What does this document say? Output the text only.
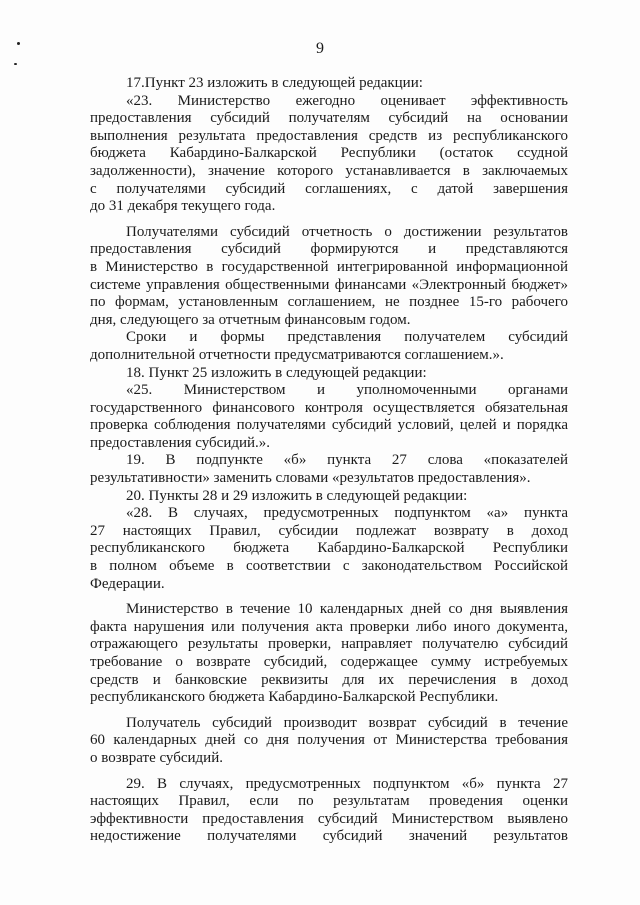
9
17.Пункт 23 изложить в следующей редакции:
«23. Министерство ежегодно оценивает эффективность
предоставления субсидий получателям субсидий на основании
выполнения результата предоставления средств из республиканского
бюджета Кабардино-Балкарской Республики (остаток ссудной
задолженности), значение которого устанавливается в заключаемых
с получателями субсидий соглашениях, с датой завершения
до 31 декабря текущего года.
Получателями субсидий отчетность о достижении результатов
предоставления субсидий формируются и представляются
в Министерство в государственной интегрированной информационной
системе управления общественными финансами «Электронный бюджет»
по формам, установленным соглашением, не позднее 15-го рабочего
дня, следующего за отчетным финансовым годом.
Сроки и формы представления получателем субсидий
дополнительной отчетности предусматриваются соглашением.».
18. Пункт 25 изложить в следующей редакции:
«25. Министерством и уполномоченными органами
государственного финансового контроля осуществляется обязательная
проверка соблюдения получателями субсидий условий, целей и порядка
предоставления субсидий.».
19. В подпункте «б» пункта 27 слова «показателей
результативности» заменить словами «результатов предоставления».
20. Пункты 28 и 29 изложить в следующей редакции:
«28. В случаях, предусмотренных подпунктом «а» пункта
27 настоящих Правил, субсидии подлежат возврату в доход
республиканского бюджета Кабардино-Балкарской Республики
в полном объеме в соответствии с законодательством Российской
Федерации.
Министерство в течение 10 календарных дней со дня выявления
факта нарушения или получения акта проверки либо иного документа,
отражающего результаты проверки, направляет получателю субсидий
требование о возврате субсидий, содержащее сумму истребуемых
средств и банковские реквизиты для их перечисления в доход
республиканского бюджета Кабардино-Балкарской Республики.
Получатель субсидий производит возврат субсидий в течение
60 календарных дней со дня получения от Министерства требования
о возврате субсидий.
29. В случаях, предусмотренных подпунктом «б» пункта 27
настоящих Правил, если по результатам проведения оценки
эффективности предоставления субсидий Министерством выявлено
недостижение получателями субсидий значений результатов
